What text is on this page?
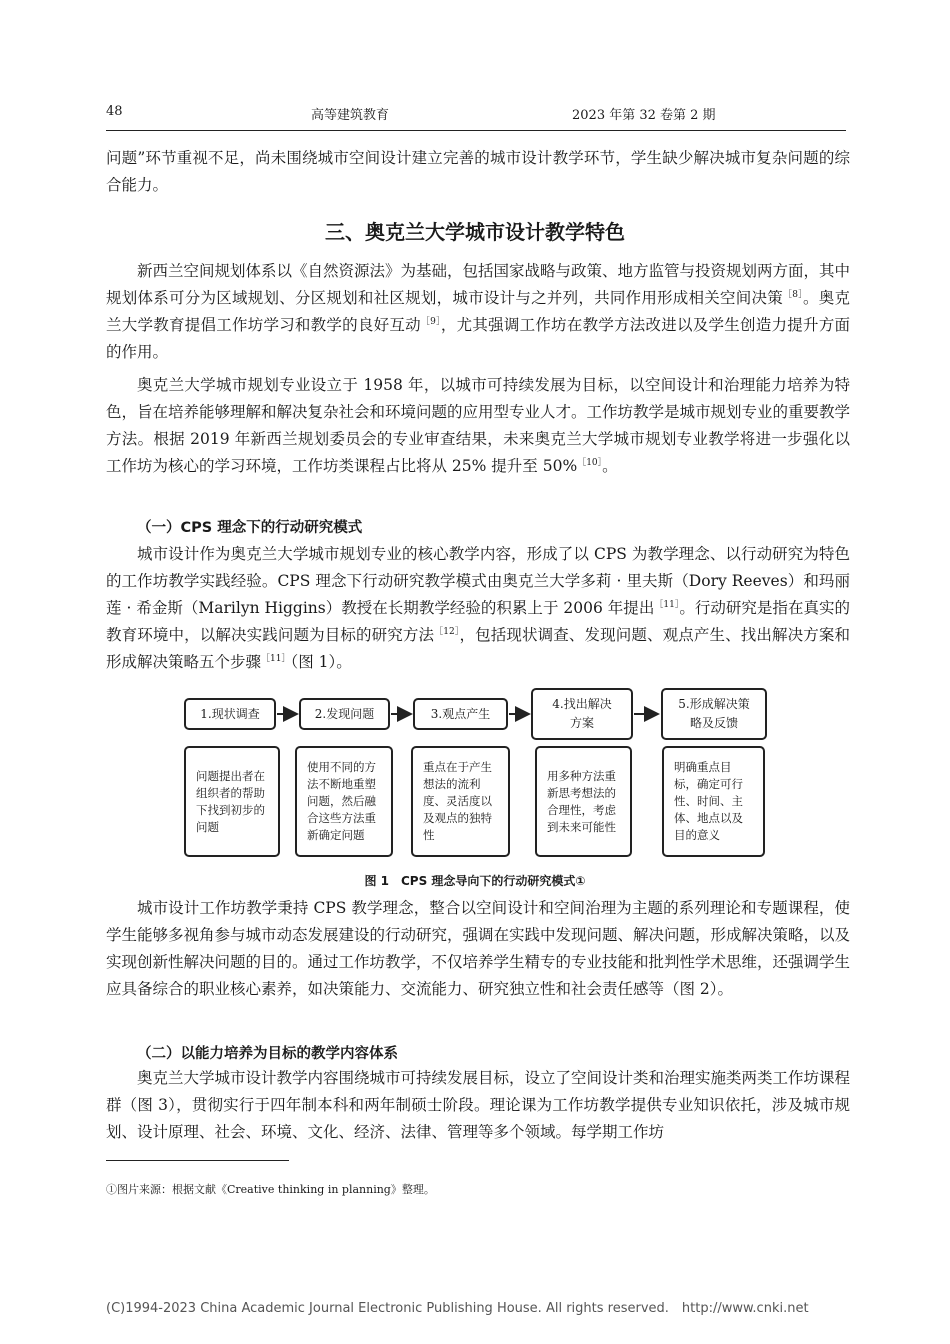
48	高等建筑教育	2023 年第 32 卷第 2 期

问题”环节重视不足，尚未围绕城市空间设计建立完善的城市设计教学环节，学生缺少解决城市复杂问题的综合能力。

三、奥克兰大学城市设计教学特色

新西兰空间规划体系以《自然资源法》为基础，包括国家战略与政策、地方监管与投资规划两方面，其中规划体系可分为区域规划、分区规划和社区规划，城市设计与之并列，共同作用形成相关空间决策$^{[8]}$。奥克兰大学教育提倡工作坊学习和教学的良好互动$^{[9]}$，尤其强调工作坊在教学方法改进以及学生创造力提升方面的作用。

奥克兰大学城市规划专业设立于 1958 年，以城市可持续发展为目标，以空间设计和治理能力培养为特色，旨在培养能够理解和解决复杂社会和环境问题的应用型专业人才。工作坊教学是城市规划专业的重要教学方法。根据 2019 年新西兰规划委员会的专业审查结果，未来奥克兰大学城市规划专业教学将进一步强化以工作坊为核心的学习环境，工作坊类课程占比将从 25% 提升至 50%$^{[10]}$。

（一）CPS 理念下的行动研究模式

城市设计作为奥克兰大学城市规划专业的核心教学内容，形成了以 CPS 为教学理念、以行动研究为特色的工作坊教学实践经验。CPS 理念下行动研究教学模式由奥克兰大学多莉 · 里夫斯（Dory Reeves）和玛丽莲 · 希金斯（Marilyn Higgins）教授在长期教学经验的积累上于 2006 年提出$^{[11]}$。行动研究是指在真实的教育环境中，以解决实践问题为目标的研究方法$^{[12]}$，包括现状调查、发现问题、观点产生、找出解决方案和形成解决策略五个步骤$^{[11]}$（图 1）。

1.现状调查	2.发现问题	3.观点产生
4.找出解决方案
5.形成解决策略及反馈
问题提出者在组织者的帮助下找到初步的问题
使用不同的方法不断地重塑问题，然后融合这些方法重新确定问题
重点在于产生想法的流利度、灵活度以及观点的独特性
用多种方法重新思考想法的合理性，考虑到未来可能性
明确重点目标，确定可行性、时间、主体、地点以及目的意义
图 1　CPS 理念导向下的行动研究模式①

城市设计工作坊教学秉持 CPS 教学理念，整合以空间设计和空间治理为主题的系列理论和专题课程，使学生能够多视角参与城市动态发展建设的行动研究，强调在实践中发现问题、解决问题，形成解决策略，以及实现创新性解决问题的目的。通过工作坊教学，不仅培养学生精专的专业技能和批判性学术思维，还强调学生应具备综合的职业核心素养，如决策能力、交流能力、研究独立性和社会责任感等（图 2）。

（二）以能力培养为目标的教学内容体系

奥克兰大学城市设计教学内容围绕城市可持续发展目标，设立了空间设计类和治理实施类两类工作坊课程群（图 3），贯彻实行于四年制本科和两年制硕士阶段。理论课为工作坊教学提供专业知识依托，涉及城市规划、设计原理、社会、环境、文化、经济、法律、管理等多个领域。每学期工作坊

①图片来源：根据文献《Creative thinking in planning》整理。
(C)1994-2023 China Academic Journal Electronic Publishing House. All rights reserved.　http://www.cnki.net
